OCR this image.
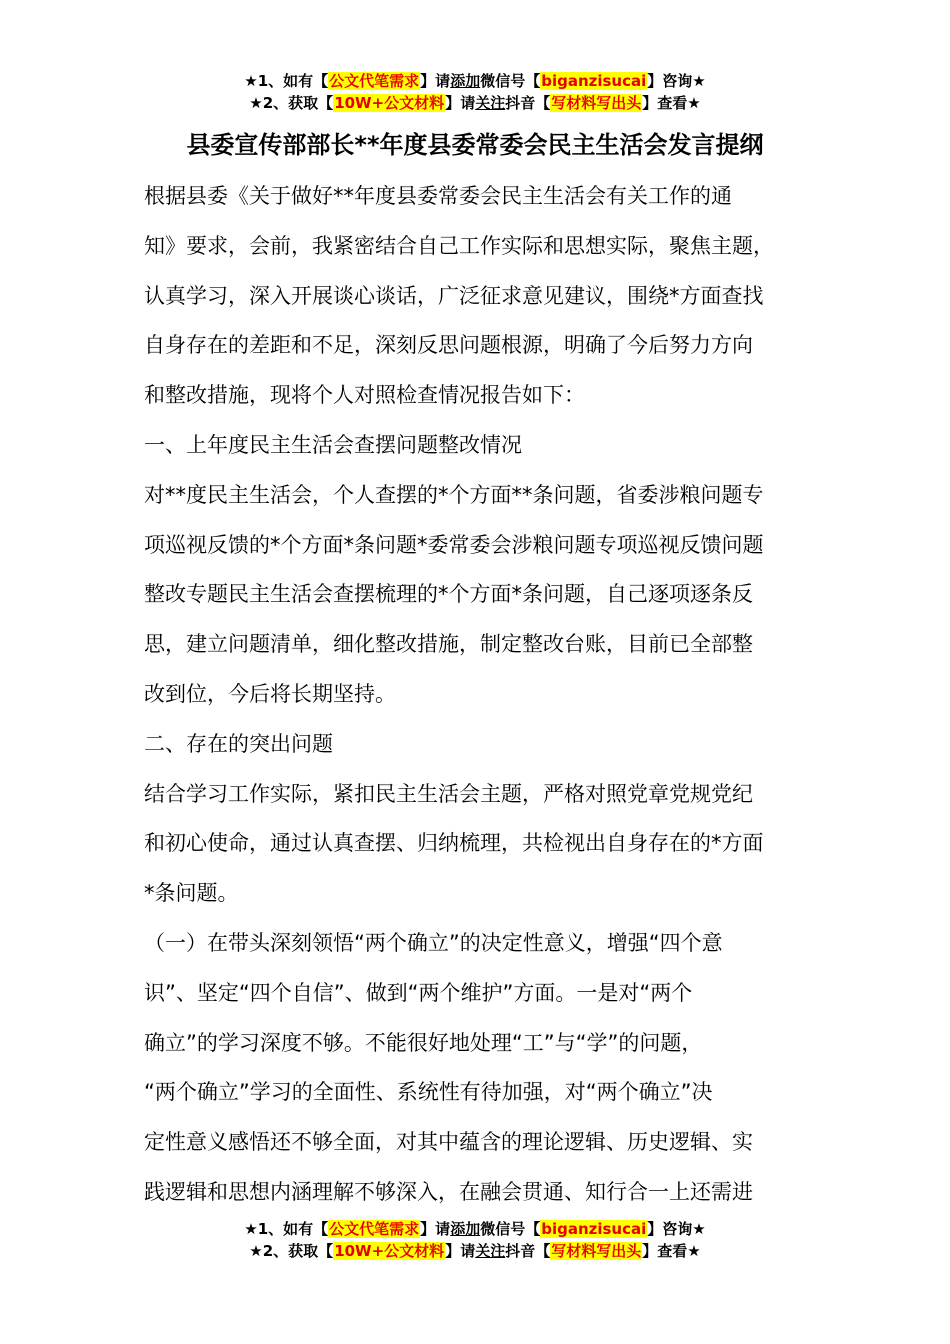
★1、如有【公文代笔需求】请添加微信号【biganzisucai】咨询★
★2、获取【10W+公文材料】请关注抖音【写材料写出头】查看★
县委宣传部部长**年度县委常委会民主生活会发言提纲

根据县委《关于做好**年度县委常委会民主生活会有关工作的通

知》要求，会前，我紧密结合自己工作实际和思想实际，聚焦主题，

认真学习，深入开展谈心谈话，广泛征求意见建议，围绕*方面查找

自身存在的差距和不足，深刻反思问题根源，明确了今后努力方向

和整改措施，现将个人对照检查情况报告如下：

一、上年度民主生活会查摆问题整改情况

对**度民主生活会，个人查摆的*个方面**条问题，省委涉粮问题专

项巡视反馈的*个方面*条问题*委常委会涉粮问题专项巡视反馈问题

整改专题民主生活会查摆梳理的*个方面*条问题，自己逐项逐条反

思，建立问题清单，细化整改措施，制定整改台账，目前已全部整

改到位，今后将长期坚持。

二、存在的突出问题

结合学习工作实际，紧扣民主生活会主题，严格对照党章党规党纪

和初心使命，通过认真查摆、归纳梳理，共检视出自身存在的*方面

*条问题。

（一）在带头深刻领悟“两个确立”的决定性意义，增强“四个意

识”、坚定“四个自信”、做到“两个维护”方面。一是对“两个

确立”的学习深度不够。不能很好地处理“工”与“学”的问题，

“两个确立”学习的全面性、系统性有待加强，对“两个确立”决

定性意义感悟还不够全面，对其中蕴含的理论逻辑、历史逻辑、实

践逻辑和思想内涵理解不够深入，在融会贯通、知行合一上还需进

★1、如有【公文代笔需求】请添加微信号【biganzisucai】咨询★
★2、获取【10W+公文材料】请关注抖音【写材料写出头】查看★
